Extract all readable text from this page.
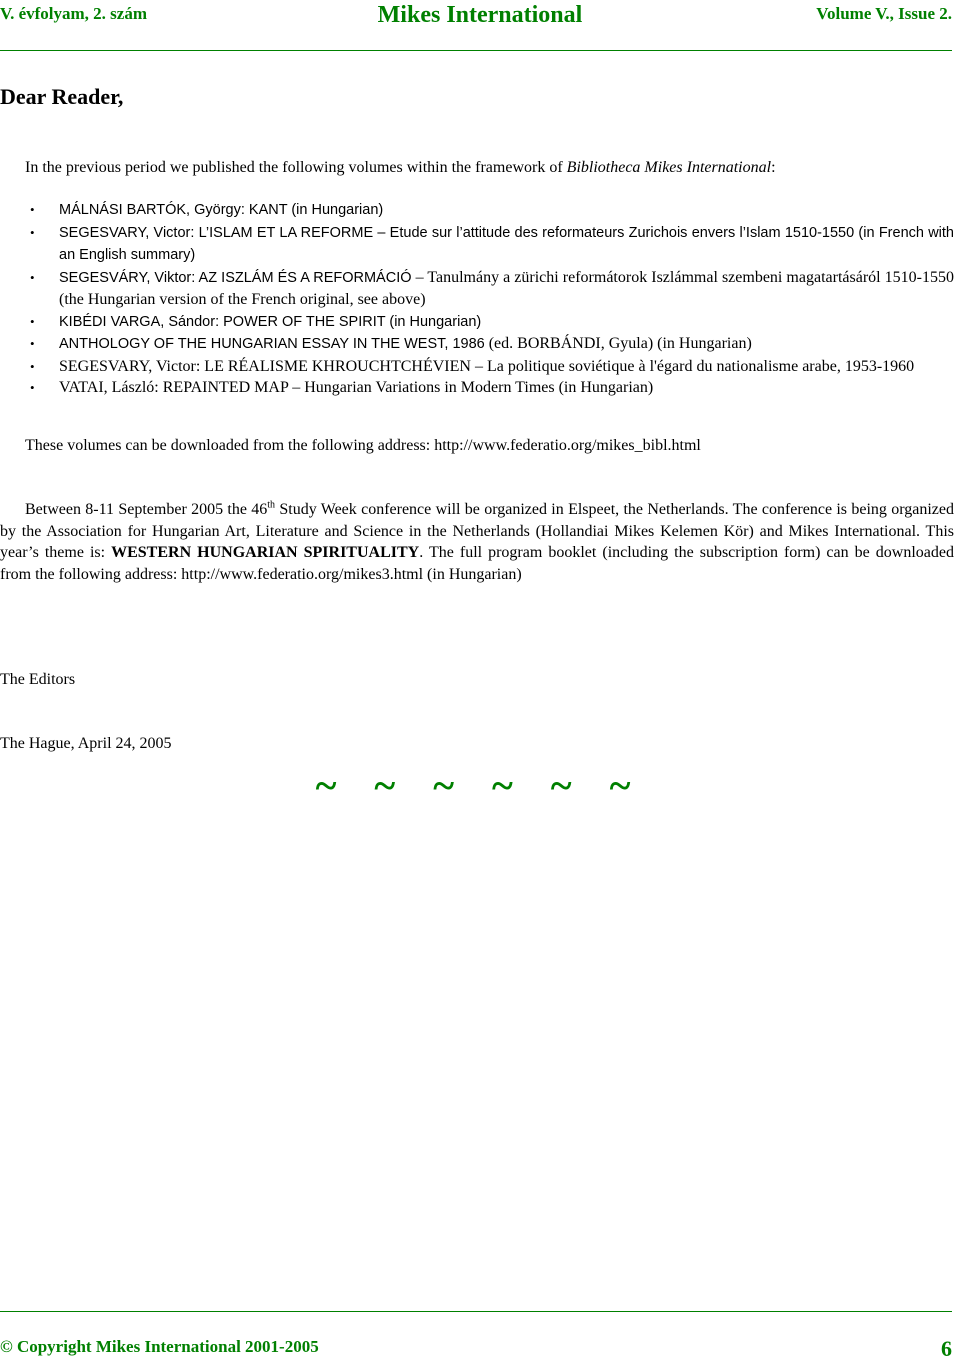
V. évfolyam, 2. szám	Mikes International	Volume V., Issue 2.
Dear Reader,
In the previous period we published the following volumes within the framework of Bibliotheca Mikes International:
• MÁLNÁSI BARTÓK, György: KANT (in Hungarian)
• SEGESVARY, Victor: L’ISLAM ET LA REFORME – Etude sur l’attitude des reformateurs Zurichois envers l’Islam 1510-1550 (in French with an English summary)
• SEGESVÁRY, Viktor: AZ ISZLÁM ÉS A REFORMÁCIÓ – Tanulmány a zürichi reformátorok Iszlámmal szembeni magatartásáról 1510-1550 (the Hungarian version of the French original, see above)
• KIBÉDI VARGA, Sándor: POWER OF THE SPIRIT (in Hungarian)
• ANTHOLOGY OF THE HUNGARIAN ESSAY IN THE WEST, 1986 (ed. BORBÁNDI, Gyula) (in Hungarian)
• SEGESVARY, Victor: LE RÉALISME KHROUCHTCHÉVIEN – La politique soviétique à l'égard du nationalisme arabe, 1953-1960
• VATAI, László: REPAINTED MAP – Hungarian Variations in Modern Times (in Hungarian)
These volumes can be downloaded from the following address: http://www.federatio.org/mikes_bibl.html
Between 8-11 September 2005 the 46th Study Week conference will be organized in Elspeet, the Netherlands. The conference is being organized by the Association for Hungarian Art, Literature and Science in the Netherlands (Hollandiai Mikes Kelemen Kör) and Mikes International. This year’s theme is: WESTERN HUNGARIAN SPIRITUALITY. The full program booklet (including the subscription form) can be downloaded from the following address: http://www.federatio.org/mikes3.html (in Hungarian)
The Editors
The Hague, April 24, 2005
~ ~ ~ ~ ~ ~
© Copyright Mikes International 2001-2005	6
